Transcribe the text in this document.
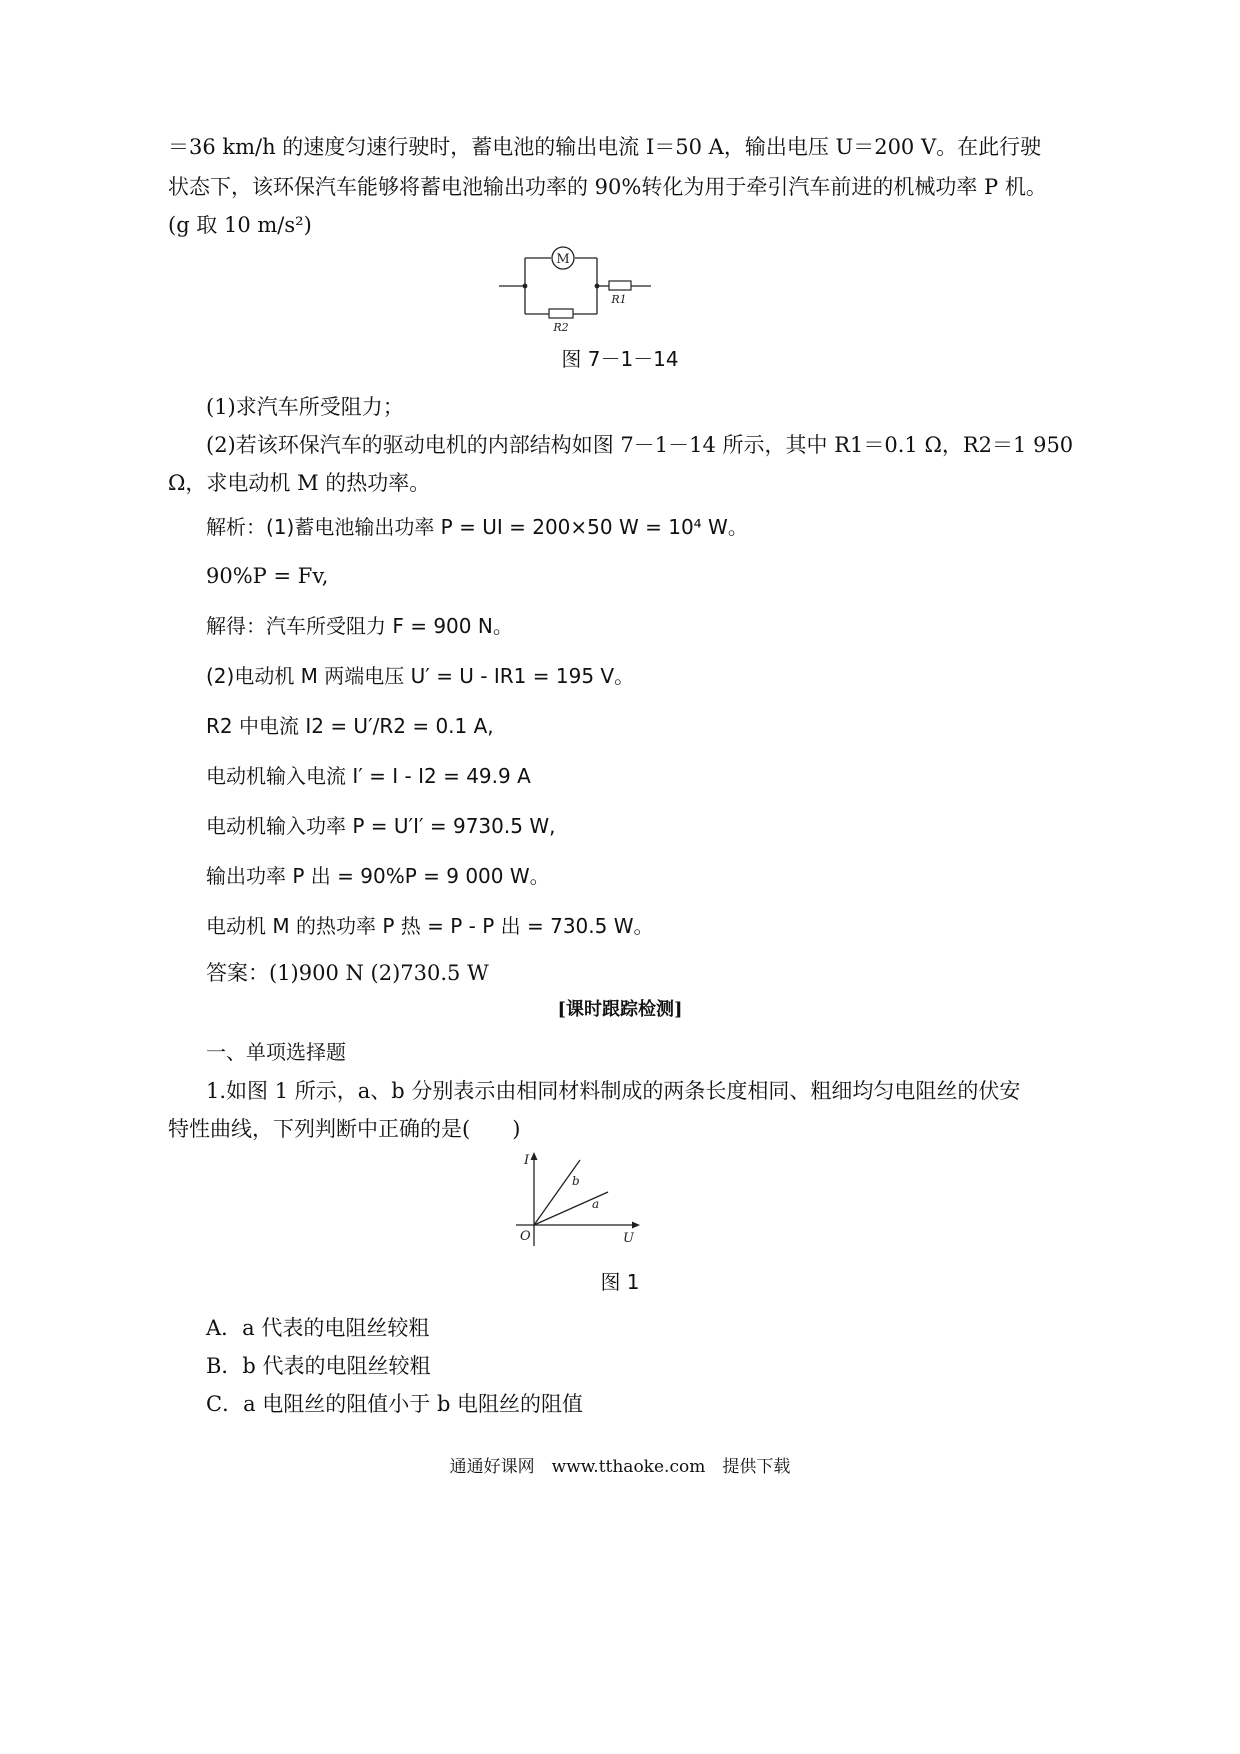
＝36 km/h 的速度匀速行驶时，蓄电池的输出电流 I＝50 A，输出电压 U＝200 V。在此行驶
状态下，该环保汽车能够将蓄电池输出功率的 90%转化为用于牵引汽车前进的机械功率 P 机。
(g 取 10 m/s²)
M
R1
R2
图 7－1－14
(1)求汽车所受阻力；
(2)若该环保汽车的驱动电机的内部结构如图 7－1－14 所示，其中 R1＝0.1 Ω，R2＝1 950
Ω，求电动机 M 的热功率。
解析：(1)蓄电池输出功率 P = UI = 200×50 W = 10⁴ W。
90%P = Fv,
解得：汽车所受阻力 F = 900 N。
(2)电动机 M 两端电压 U′ = U - IR1 = 195 V。
R2 中电流 I2 = U′/R2 = 0.1 A,
电动机输入电流 I′ = I - I2 = 49.9 A
电动机输入功率 P = U′I′ = 9730.5 W,
输出功率 P 出 = 90%P = 9 000 W。
电动机 M 的热功率 P 热 = P - P 出 = 730.5 W。
答案：(1)900 N (2)730.5 W
[课时跟踪检测]
一、单项选择题
1.如图 1 所示，a、b 分别表示由相同材料制成的两条长度相同、粗细均匀电阻丝的伏安
特性曲线，下列判断中正确的是(　　)
I
U
O
b
a
图 1
A．a 代表的电阻丝较粗
B．b 代表的电阻丝较粗
C．a 电阻丝的阻值小于 b 电阻丝的阻值
通通好课网　www.tthaoke.com　提供下载
